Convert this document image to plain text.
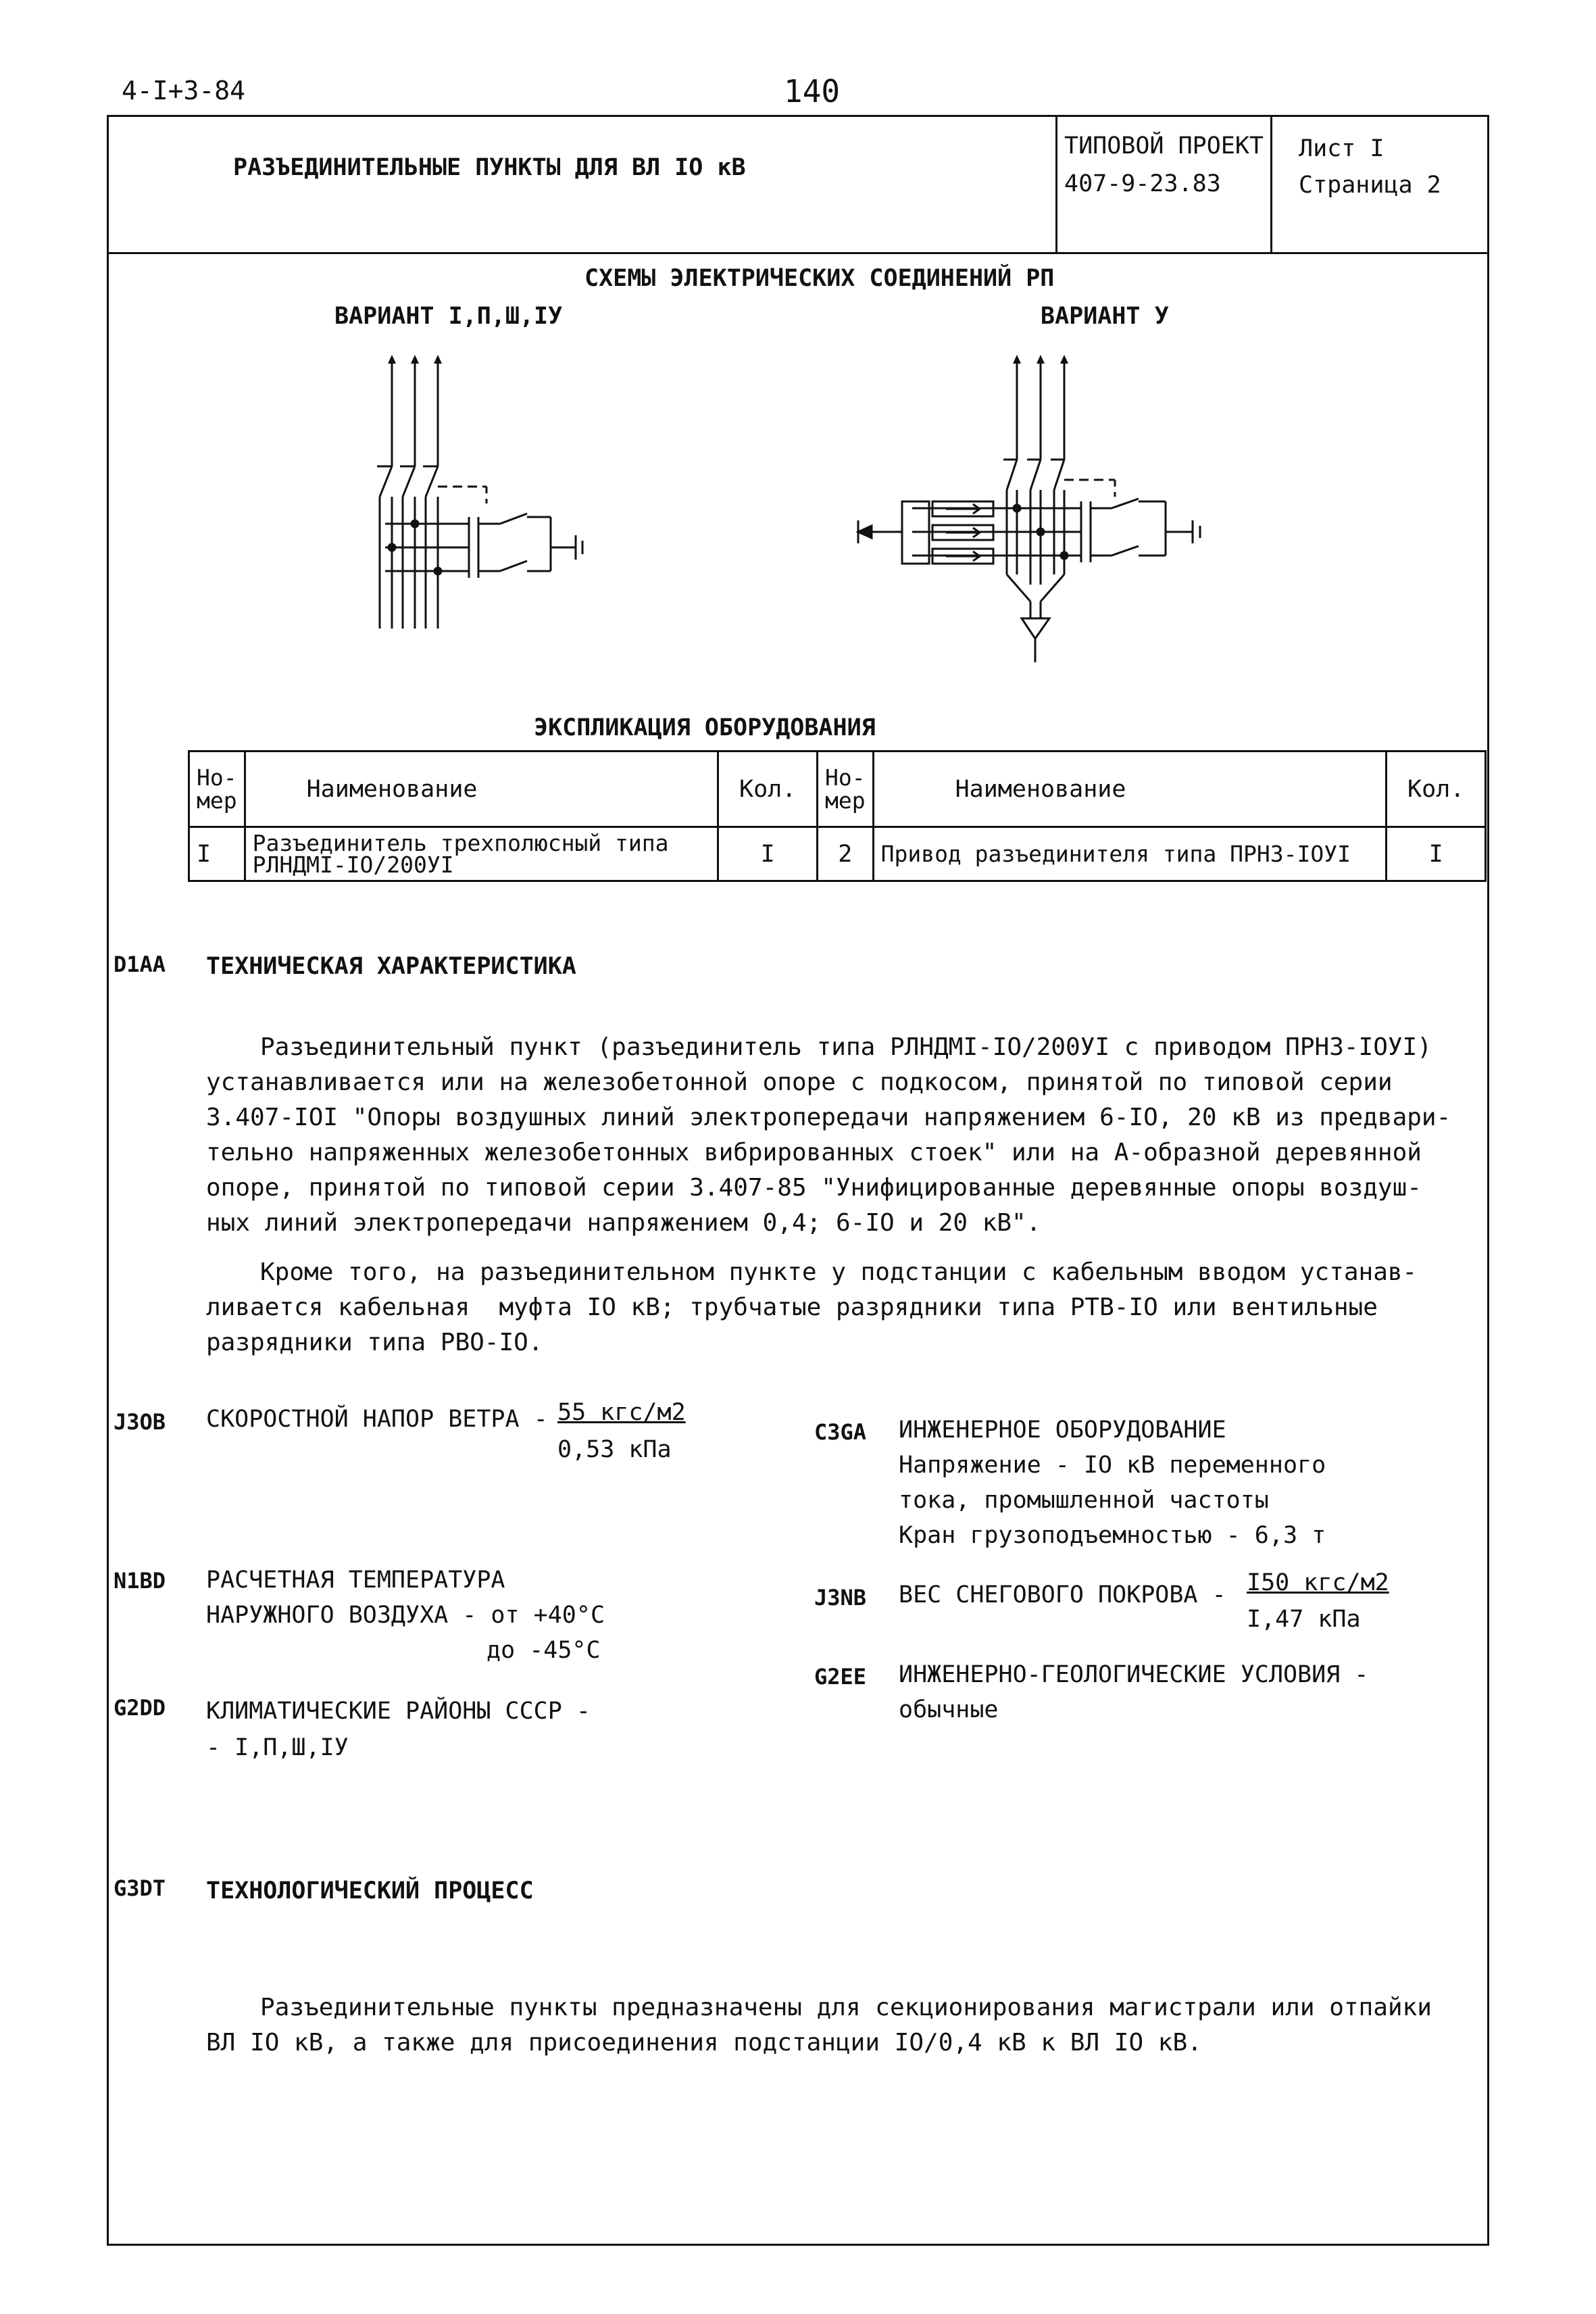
4-I+3-84	140
РАЗЪЕДИНИТЕЛЬНЫЕ ПУНКТЫ ДЛЯ ВЛ IO кВ
ТИПОВОЙ ПРОЕКТ
407-9-23.83
Лист I
Страница 2
СХЕМЫ ЭЛЕКТРИЧЕСКИХ СОЕДИНЕНИЙ РП
ВАРИАНТ I,П,Ш,IУ	ВАРИАНТ У
ЭКСПЛИКАЦИЯ ОБОРУДОВАНИЯ
Но-мер	Наименование	Кол.	Но-мер	Наименование	Кол.
I	Разъединитель трехполюсный типа РЛНДМI-IO/200УI	I	2	Привод разъединителя типа ПРНЗ-IOУI	I
D1AA ТЕХНИЧЕСКАЯ ХАРАКТЕРИСТИКА

Разъединительный пункт (разъединитель типа РЛНДМI-IO/200УI с приводом ПРНЗ-IOУI)
устанавливается или на железобетонной опоре с подкосом, принятой по типовой серии
3.407-IOI "Опоры воздушных линий электропередачи напряжением 6-IO, 20 кВ из предвари-
тельно напряженных железобетонных вибрированных стоек" или на А-образной деревянной
опоре, принятой по типовой серии 3.407-85 "Унифицированные деревянные опоры воздуш-
ных линий электропередачи напряжением 0,4; 6-IO и 20 кВ".

Кроме того, на разъединительном пункте у подстанции с кабельным вводом устанав-
ливается кабельная  муфта IO кВ; трубчатые разрядники типа РТВ-IO или вентильные
разрядники типа РВО-IO.

J3OB СКОРОСТНОЙ НАПОР ВЕТРА - 55 кгс/м2
0,53 кПа
N1BD РАСЧЕТНАЯ ТЕМПЕРАТУРА
НАРУЖНОГО ВОЗДУХА - от +40°С
до -45°С
G2DD КЛИМАТИЧЕСКИЕ РАЙОНЫ СССР -
- I,П,Ш,IУ
C3GA ИНЖЕНЕРНОЕ ОБОРУДОВАНИЕ
Напряжение - IO кВ переменного
тока, промышленной частоты
Кран грузоподъемностью - 6,3 т
J3NB ВЕС СНЕГОВОГО ПОКРОВА - I50 кгс/м2
I,47 кПа
G2EE ИНЖЕНЕРНО-ГЕОЛОГИЧЕСКИЕ УСЛОВИЯ -
обычные
G3DT ТЕХНОЛОГИЧЕСКИЙ ПРОЦЕСС

Разъединительные пункты предназначены для секционирования магистрали или отпайки
ВЛ IO кВ, а также для присоединения подстанции IO/0,4 кВ к ВЛ IO кВ.
